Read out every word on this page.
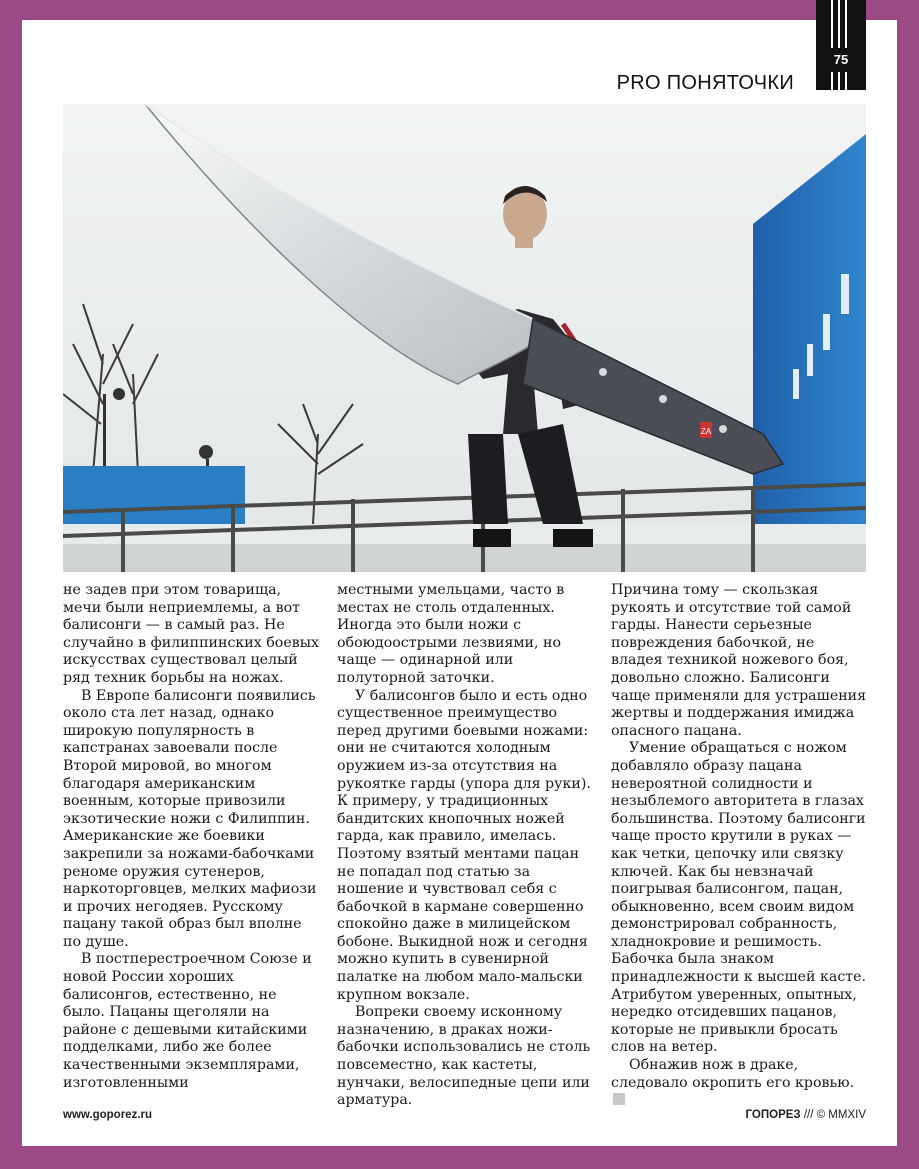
75
PRO ПОНЯТОЧКИ
ZA

не задев при этом товарища, мечи были неприемлемы, а вот балисонги — в самый раз. Не случайно в филиппинских боевых искусствах существовал целый ряд техник борьбы на ножах.

В Европе балисонги появились около ста лет назад, однако широкую популярность в капстранах завоевали после Второй мировой, во многом благодаря американским военным, которые привозили экзотические ножи с Филиппин. Американские же боевики закрепили за ножами-бабочками реноме оружия сутенеров, наркоторговцев, мелких мафиози и прочих негодяев. Русскому пацану такой образ был вполне по душе.

В постперестроечном Союзе и новой России хороших балисонгов, естественно, не было. Пацаны щеголяли на районе с дешевыми китайскими подделками, либо же более качественными экземплярами, изготовленными

местными умельцами, часто в местах не столь отдаленных. Иногда это были ножи с обоюдоострыми лезвиями, но чаще — одинарной или полуторной заточки.

У балисонгов было и есть одно существенное преимущество перед другими боевыми ножами: они не считаются холодным оружием из-за отсутствия на рукоятке гарды (упора для руки). К примеру, у традиционных бандитских кнопочных ножей гарда, как правило, имелась. Поэтому взятый ментами пацан не попадал под статью за ношение и чувствовал себя с бабочкой в кармане совершенно спокойно даже в милицейском бобоне. Выкидной нож и сегодня можно купить в сувенирной палатке на любом мало-мальски крупном вокзале.

Вопреки своему исконному назначению, в драках ножи-бабочки использовались не столь повсеместно, как кастеты, нунчаки, велосипедные цепи или арматура.

Причина тому — скользкая рукоять и отсутствие той самой гарды. Нанести серьезные повреждения бабочкой, не владея техникой ножевого боя, довольно сложно. Балисонги чаще применяли для устрашения жертвы и поддержания имиджа опасного пацана.

Умение обращаться с ножом добавляло образу пацана невероятной солидности и незыблемого авторитета в глазах большинства. Поэтому балисонги чаще просто крутили в руках — как четки, цепочку или связку ключей. Как бы невзначай поигрывая балисонгом, пацан, обыкновенно, всем своим видом демонстрировал собранность, хладнокровие и решимость. Бабочка была знаком принадлежности к высшей касте. Атрибутом уверенных, опытных, нередко отсидевших пацанов, которые не привыкли бросать слов на ветер.

Обнажив нож в драке, следовало окропить его кровью.

www.goporez.ru	ГОПОРЕЗ /// © MMXIV
